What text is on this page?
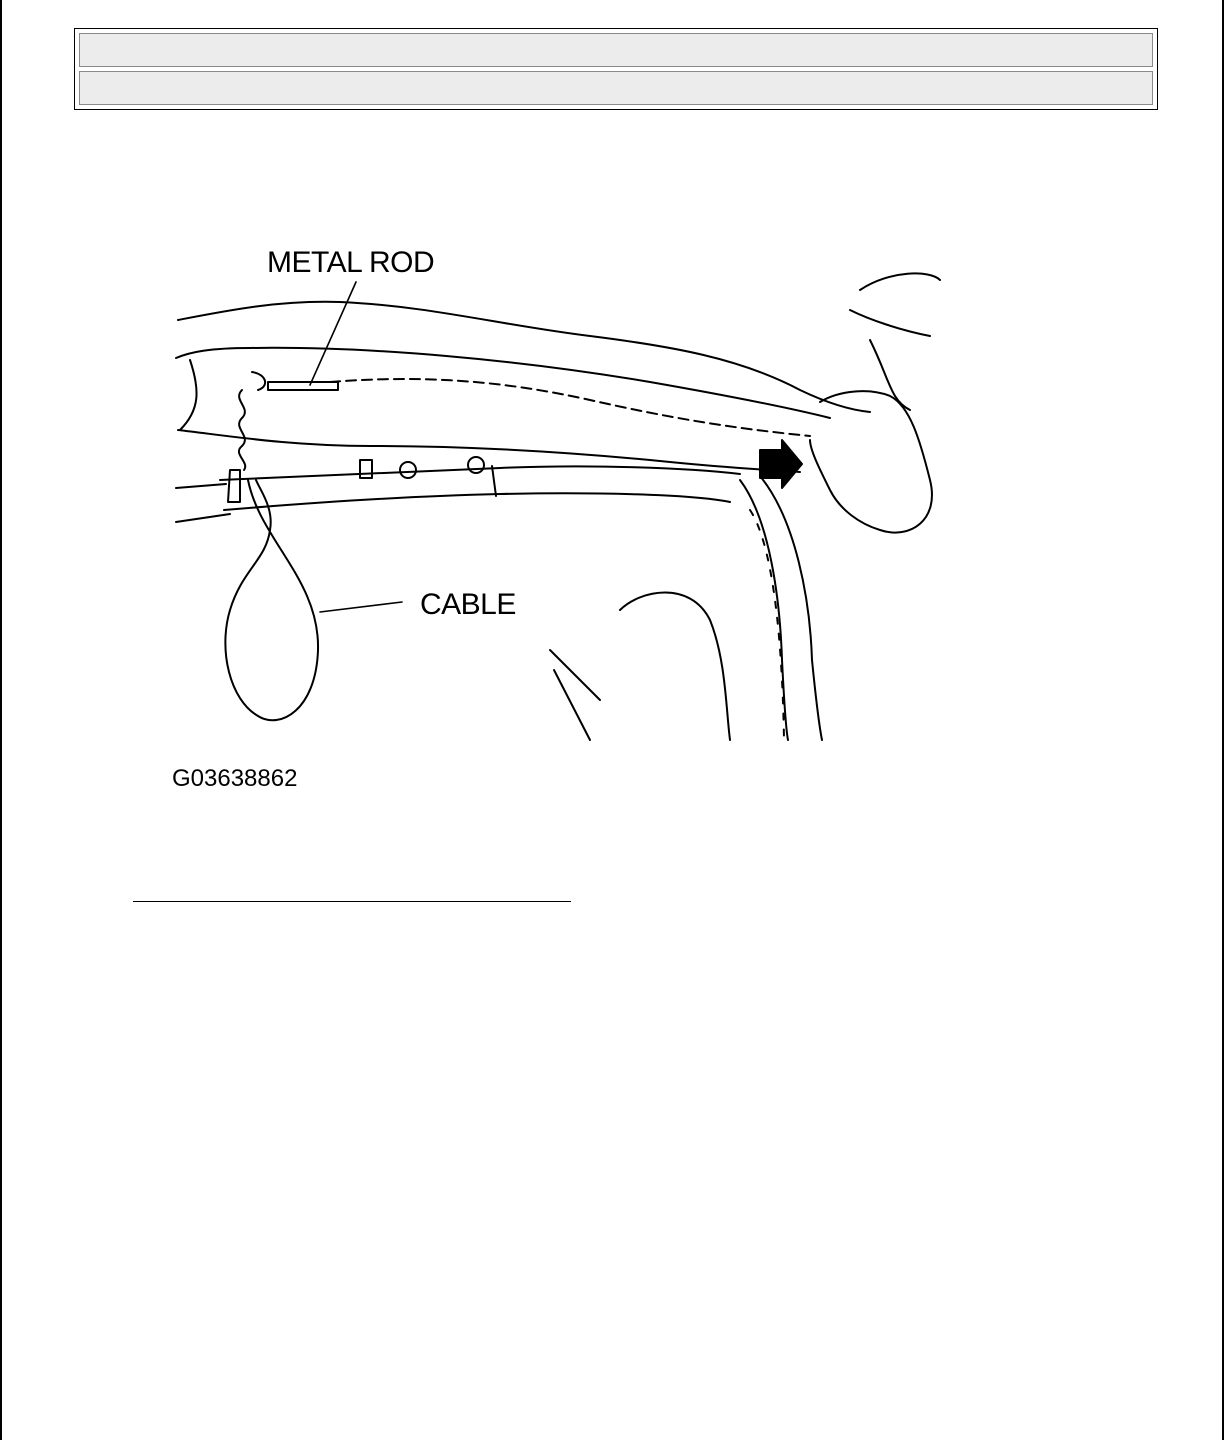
METAL ROD
CABLE
G03638862
